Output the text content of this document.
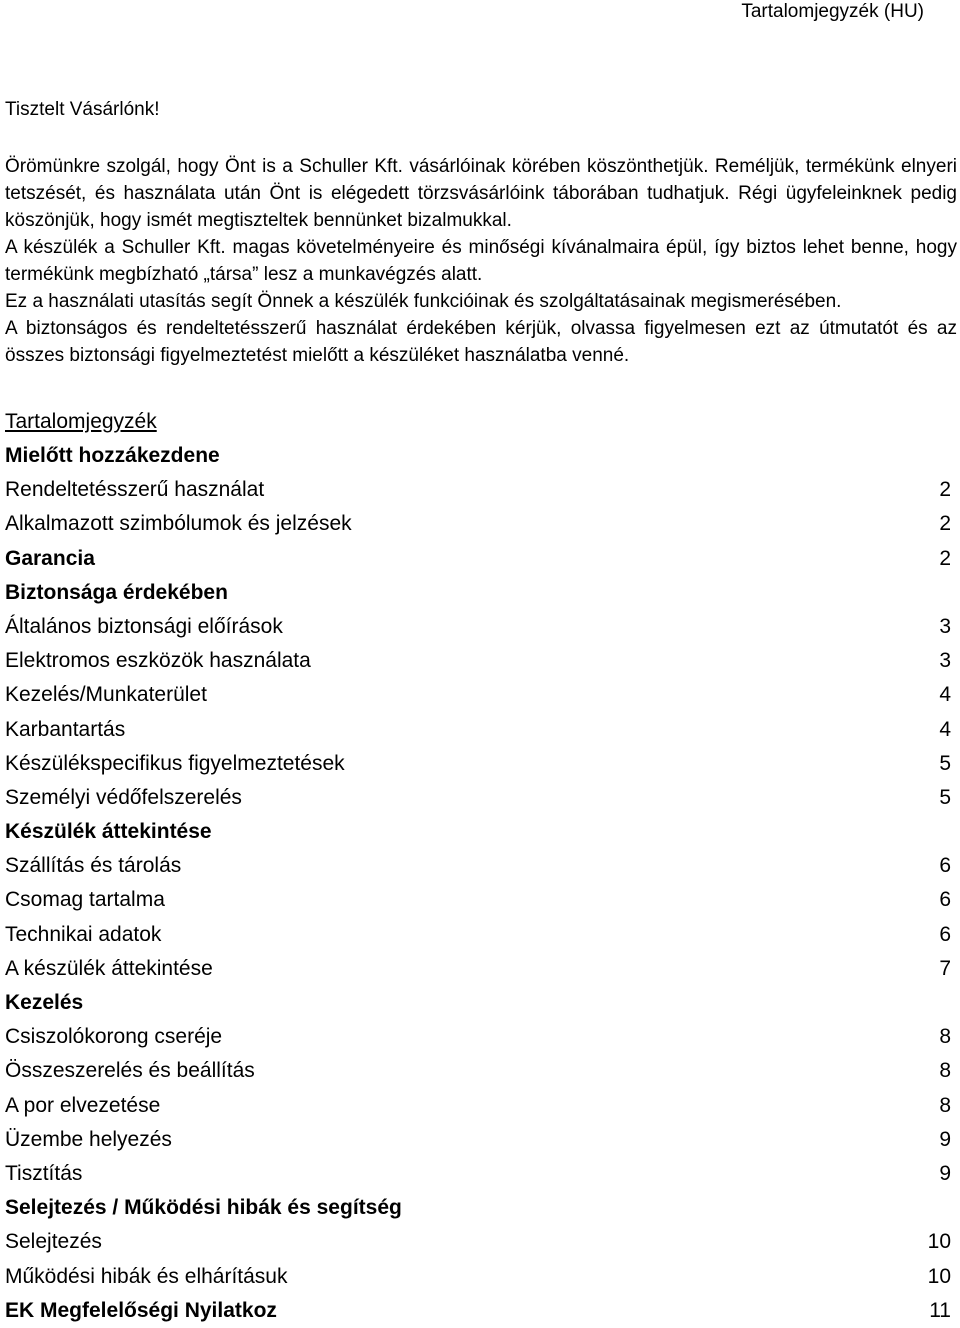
Tartalomjegyzék (HU)
Tisztelt Vásárlónk!

Örömünkre szolgál, hogy Önt is a Schuller Kft. vásárlóinak körében köszönthetjük. Reméljük, termékünk elnyeri tetszését, és használata után Önt is elégedett törzsvásárlóink táborában tudhatjuk. Régi ügyfeleinknek pedig köszönjük, hogy ismét megtiszteltek bennünket bizalmukkal.

A készülék a Schuller Kft. magas követelményeire és minőségi kívánalmaira épül, így biztos lehet benne, hogy termékünk megbízható „társa” lesz a munkavégzés alatt.

Ez a használati utasítás segít Önnek a készülék funkcióinak és szolgáltatásainak megismerésében.

A biztonságos és rendeltetésszerű használat érdekében kérjük, olvassa figyelmesen ezt az útmutatót és az összes biztonsági figyelmeztetést mielőtt a készüléket használatba venné.

Tartalomjegyzék
Mielőtt hozzákezdene
Rendeltetésszerű használat	2
Alkalmazott szimbólumok és jelzések	2
Garancia	2
Biztonsága érdekében
Általános biztonsági előírások	3
Elektromos eszközök használata	3
Kezelés/Munkaterület	4
Karbantartás	4
Készülékspecifikus figyelmeztetések	5
Személyi védőfelszerelés	5
Készülék áttekintése
Szállítás és tárolás	6
Csomag tartalma	6
Technikai adatok	6
A készülék áttekintése	7
Kezelés
Csiszolókorong cseréje	8
Összeszerelés és beállítás	8
A por elvezetése	8
Üzembe helyezés	9
Tisztítás	9
Selejtezés / Működési hibák és segítség
Selejtezés	10
Működési hibák és elhárításuk	10
EK Megfelelőségi Nyilatkoz	11
